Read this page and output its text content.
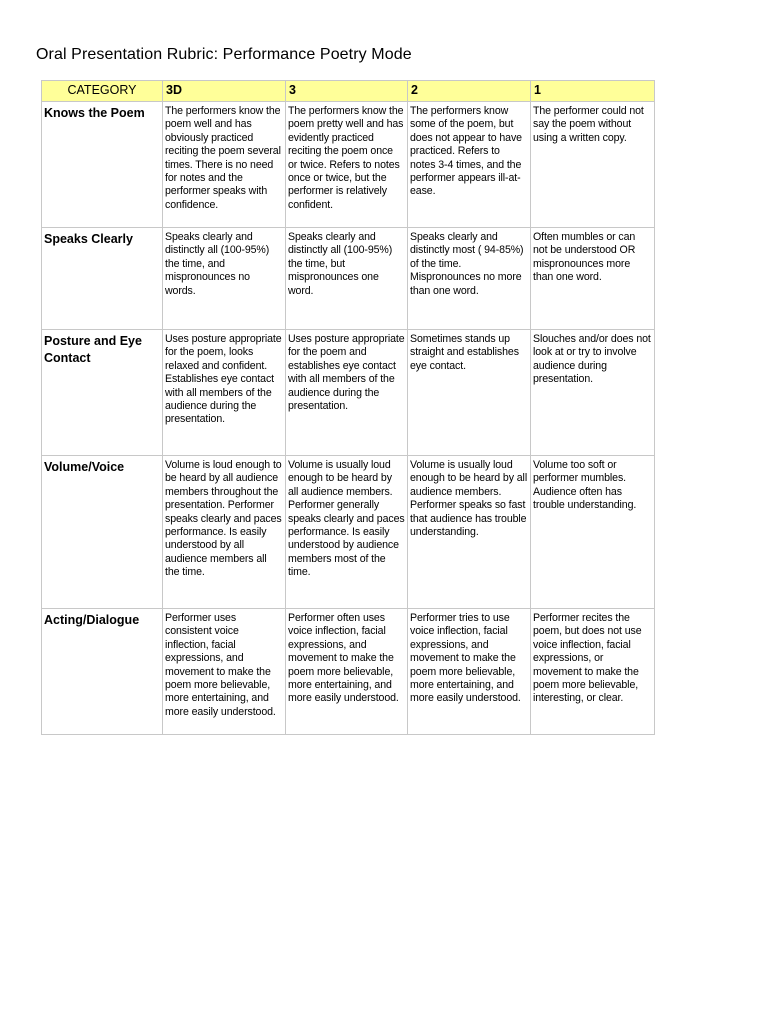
Oral Presentation Rubric: Performance Poetry Mode
CATEGORY	3D	3	2	1
Knows the Poem	The performers know the poem well and has obviously practiced reciting the poem several times. There is no need for notes and the performer speaks with confidence.	The performers know the poem pretty well and has evidently practiced reciting the poem once or twice. Refers to notes once or twice, but the performer is relatively confident.	The performers know some of the poem, but does not appear to have practiced. Refers to notes 3-4 times, and the performer appears ill-at-ease.	The performer could not say the poem without using a written copy.
Speaks Clearly	Speaks clearly and distinctly all (100-95%) the time, and mispronounces no words.	Speaks clearly and distinctly all (100-95%) the time, but mispronounces one word.	Speaks clearly and distinctly most ( 94-85%) of the time. Mispronounces no more than one word.	Often mumbles or can not be understood OR mispronounces more than one word.
Posture and Eye Contact	Uses posture appropriate for the poem, looks relaxed and confident. Establishes eye contact with all members of the audience during the presentation.	Uses posture appropriate for the poem and establishes eye contact with all members of the audience during the presentation.	Sometimes stands up straight and establishes eye contact.	Slouches and/or does not look at or try to involve audience during presentation.
Volume/Voice	Volume is loud enough to be heard by all audience members throughout the presentation. Performer speaks clearly and paces performance. Is easily understood by all audience members all the time.	Volume is usually loud enough to be heard by all audience members. Performer generally speaks clearly and paces performance. Is easily understood by audience members most of the time.	Volume is usually loud enough to be heard by all audience members. Performer speaks so fast that audience has trouble understanding.	Volume too soft or performer mumbles. Audience often has trouble understanding.
Acting/Dialogue	Performer uses consistent voice inflection, facial expressions, and movement to make the poem more believable, more entertaining, and more easily understood.	Performer often uses voice inflection, facial expressions, and movement to make the poem more believable, more entertaining, and more easily understood.	Performer tries to use voice inflection, facial expressions, and movement to make the poem more believable, more entertaining, and more easily understood.	Performer recites the poem, but does not use voice inflection, facial expressions, or movement to make the poem more believable, interesting, or clear.
